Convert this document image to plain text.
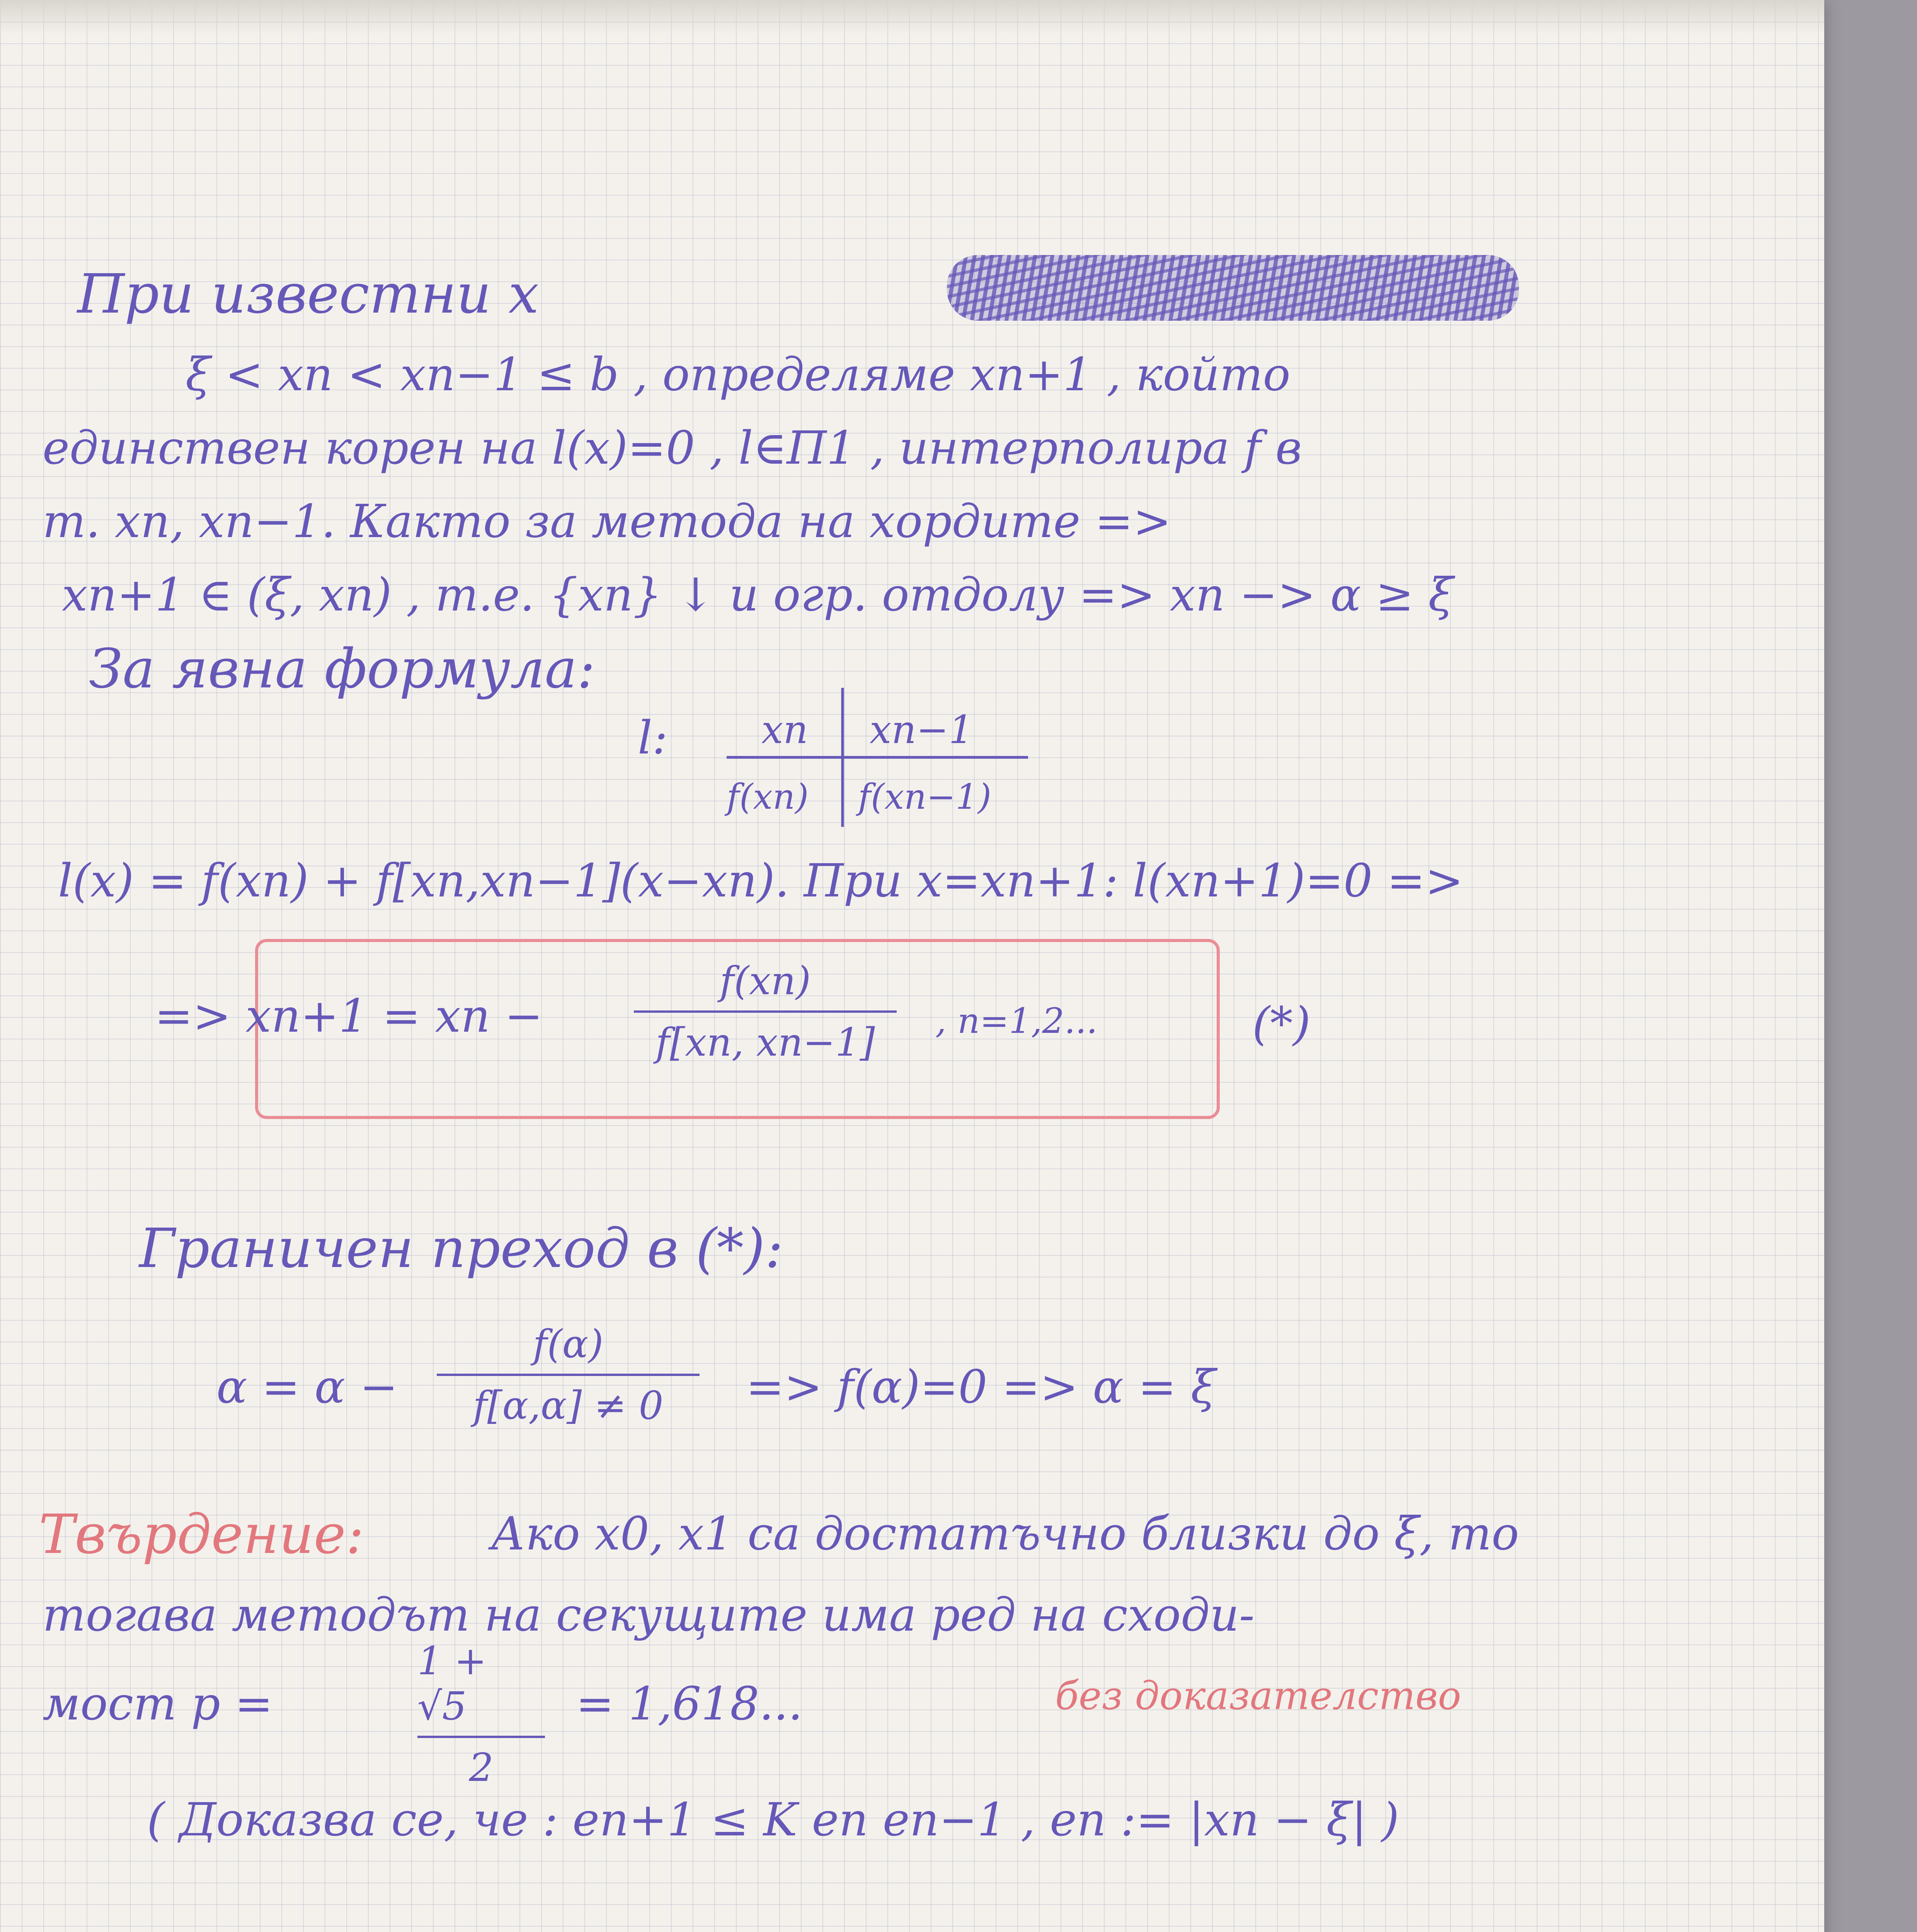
При известни x
ξ < xn < xn−1 ≤ b , определяме xn+1 , който
единствен корен на l(x)=0 , l∈Π1 , интерполира f в
т. xn, xn−1. Както за метода на хордите =>
xn+1 ∈ (ξ, xn) , т.е. {xn} ↓ и огр. отдолу => xn −> α ≥ ξ
За явна формула:
l: xn xn−1
f(xn) f(xn−1)
l(x) = f(xn) + f[xn,xn−1](x−xn). При x=xn+1: l(xn+1)=0 =>
=> xn+1 = xn −
f(xn)
f[xn, xn−1] , n=1,2...	(*)
Граничен преход в (*):
α = α −
f(α)
f[α,α] ≠ 0 => f(α)=0 => α = ξ
Твърдение:	Ако x0, x1 са достатъчно близки до ξ, то
тогава методът на секущите има ред на сходи-
мост p =
1 + √5
2
= 1,618...	без доказателство
( Доказва се, че : en+1 ≤ K en en−1 , en := |xn − ξ| )
